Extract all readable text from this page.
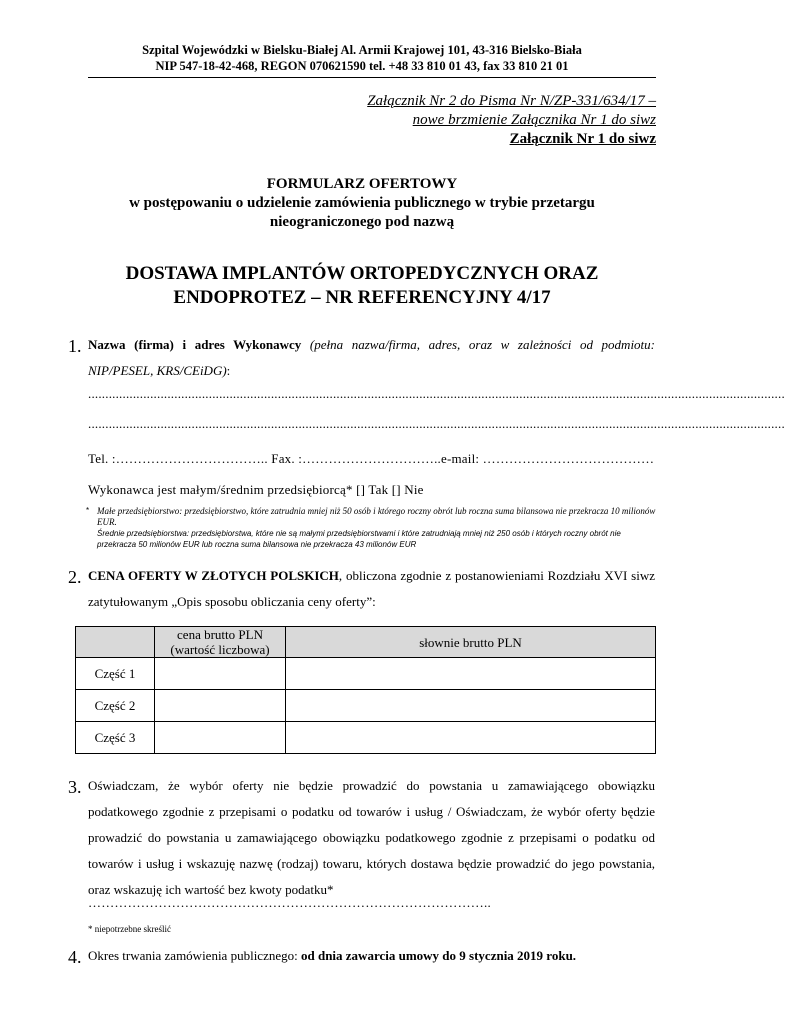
Szpital Wojewódzki w Bielsku-Białej Al. Armii Krajowej 101, 43-316 Bielsko-Biała
NIP 547-18-42-468, REGON 070621590 tel. +48 33 810 01 43, fax 33 810 21 01
Załącznik Nr 2 do Pisma Nr N/ZP-331/634/17 –
nowe brzmienie Załącznika Nr 1 do siwz
Załącznik Nr 1 do siwz
FORMULARZ OFERTOWY
w postępowaniu o udzielenie zamówienia publicznego w trybie przetargu
nieograniczonego pod nazwą
DOSTAWA IMPLANTÓW ORTOPEDYCZNYCH ORAZ
ENDOPROTEZ – NR REFERENCYJNY 4/17
1. Nazwa (firma) i adres Wykonawcy (pełna nazwa/firma, adres, oraz w zależności od podmiotu: NIP/PESEL, KRS/CEiDG):
..........................................................................................................................................................................................................
..........................................................................................................................................................................................................
Tel. :…………………………….. Fax. :…………………………..e-mail: …………………………………
Wykonawca jest małym/średnim przedsiębiorcą* [] Tak [] Nie
* Małe przedsiębiorstwo: przedsiębiorstwo, które zatrudnia mniej niż 50 osób i którego roczny obrót lub roczna suma bilansowa nie przekracza 10 milionów EUR.
Średnie przedsiębiorstwa: przedsiębiorstwa, które nie są małymi przedsiębiorstwami i które zatrudniają mniej niż 250 osób i których roczny obrót nie przekracza 50 milionów EUR lub roczna suma bilansowa nie przekracza 43 milionów EUR
2. CENA OFERTY W ZŁOTYCH POLSKICH, obliczona zgodnie z postanowieniami Rozdziału XVI siwz zatytułowanym „Opis sposobu obliczania ceny oferty”:
	cena brutto PLN (wartość liczbowa)	słownie brutto PLN
Część 1		
Część 2		
Część 3		
3. Oświadczam, że wybór oferty nie będzie prowadzić do powstania u zamawiającego obowiązku podatkowego zgodnie z przepisami o podatku od towarów i usług / Oświadczam, że wybór oferty będzie prowadzić do powstania u zamawiającego obowiązku podatkowego zgodnie z przepisami o podatku od towarów i usług i wskazuję nazwę (rodzaj) towaru, których dostawa będzie prowadzić do jego powstania, oraz wskazuję ich wartość bez kwoty podatku*
………………………………………………………………………………..
* niepotrzebne skreślić
4. Okres trwania zamówienia publicznego: od dnia zawarcia umowy do 9 stycznia 2019 roku.
